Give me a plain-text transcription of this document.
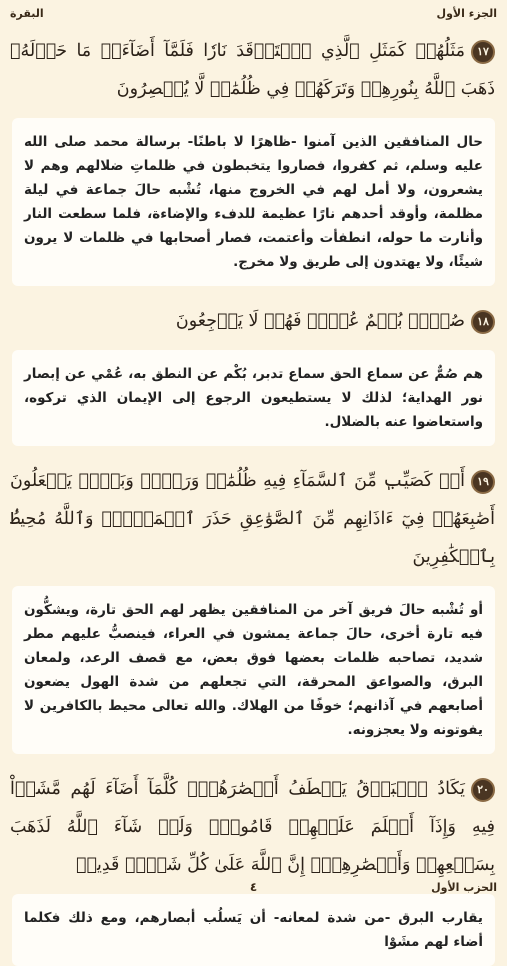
الجزء الأول
البقرة
١٧مَثَلُهُمۡ كَمَثَلِ ٱلَّذِي ٱسۡتَوۡقَدَ نَارٗا فَلَمَّآ أَضَآءَتۡ مَا حَوۡلَهُۥ ذَهَبَ ٱللَّهُ بِنُورِهِمۡ وَتَرَكَهُمۡ فِي ظُلُمَٰتٖ لَّا يُبۡصِرُونَ
حال المنافقين الذين آمنوا -ظاهرًا لا باطنًا- برسالة محمد صلى الله عليه وسلم، ثم كفروا، فصاروا يتخبطون في ظلماتِ ضلالهم وهم لا يشعرون، ولا أمل لهم في الخروج منها، تُشْبه حالَ جماعة في ليلة مظلمة، وأوقد أحدهم نارًا عظيمة للدفء والإضاءة، فلما سطعت النار وأنارت ما حوله، انطفأت وأعتمت، فصار أصحابها في ظلمات لا يرون شيئًا، ولا يهتدون إلى طريق ولا مخرج.
١٨صُمُّۢ بُكۡمٌ عُمۡيٞ فَهُمۡ لَا يَرۡجِعُونَ
هم صُمٌّ عن سماع الحق سماع تدبر، بُكْم عن النطق به، عُمْي عن إبصار نور الهداية؛ لذلك لا يستطيعون الرجوع إلى الإيمان الذي تركوه، واستعاضوا عنه بالضلال.
١٩أَوۡ كَصَيِّبٖ مِّنَ ٱلسَّمَآءِ فِيهِ ظُلُمَٰتٞ وَرَعۡدٞ وَبَرۡقٞ يَجۡعَلُونَ أَصَٰبِعَهُمۡ فِيٓ ءَاذَانِهِم مِّنَ ٱلصَّوَٰعِقِ حَذَرَ ٱلۡمَوۡتِۚ وَٱللَّهُ مُحِيطُۢ بِٱلۡكَٰفِرِينَ
أو تُشْبه حالَ فريق آخر من المنافقين يظهر لهم الحق تارة، ويشكُّون فيه تارة أخرى، حالَ جماعة يمشون في العراء، فينصبُّ عليهم مطر شديد، تصاحبه ظلمات بعضها فوق بعض، مع قصف الرعد، ولمعان البرق، والصواعق المحرقة، التي تجعلهم من شدة الهول يضعون أصابعهم في آذانهم؛ خوفًا من الهلاك. والله تعالى محيط بالكافرين لا يفوتونه ولا يعجزونه.
٢٠يَكَادُ ٱلۡبَرۡقُ يَخۡطَفُ أَبۡصَٰرَهُمۡۖ كُلَّمَآ أَضَآءَ لَهُم مَّشَوۡاْ فِيهِ وَإِذَآ أَظۡلَمَ عَلَيۡهِمۡ قَامُواْۚ وَلَوۡ شَآءَ ٱللَّهُ لَذَهَبَ بِسَمۡعِهِمۡ وَأَبۡصَٰرِهِمۡۚ إِنَّ ٱللَّهَ عَلَىٰ كُلِّ شَيۡءٖ قَدِيرٞ
يقارب البرق -من شدة لمعانه- أن يَسلُب أبصارهم، ومع ذلك فكلما أضاء لهم مشَوْا
الحزب الأول
٤
